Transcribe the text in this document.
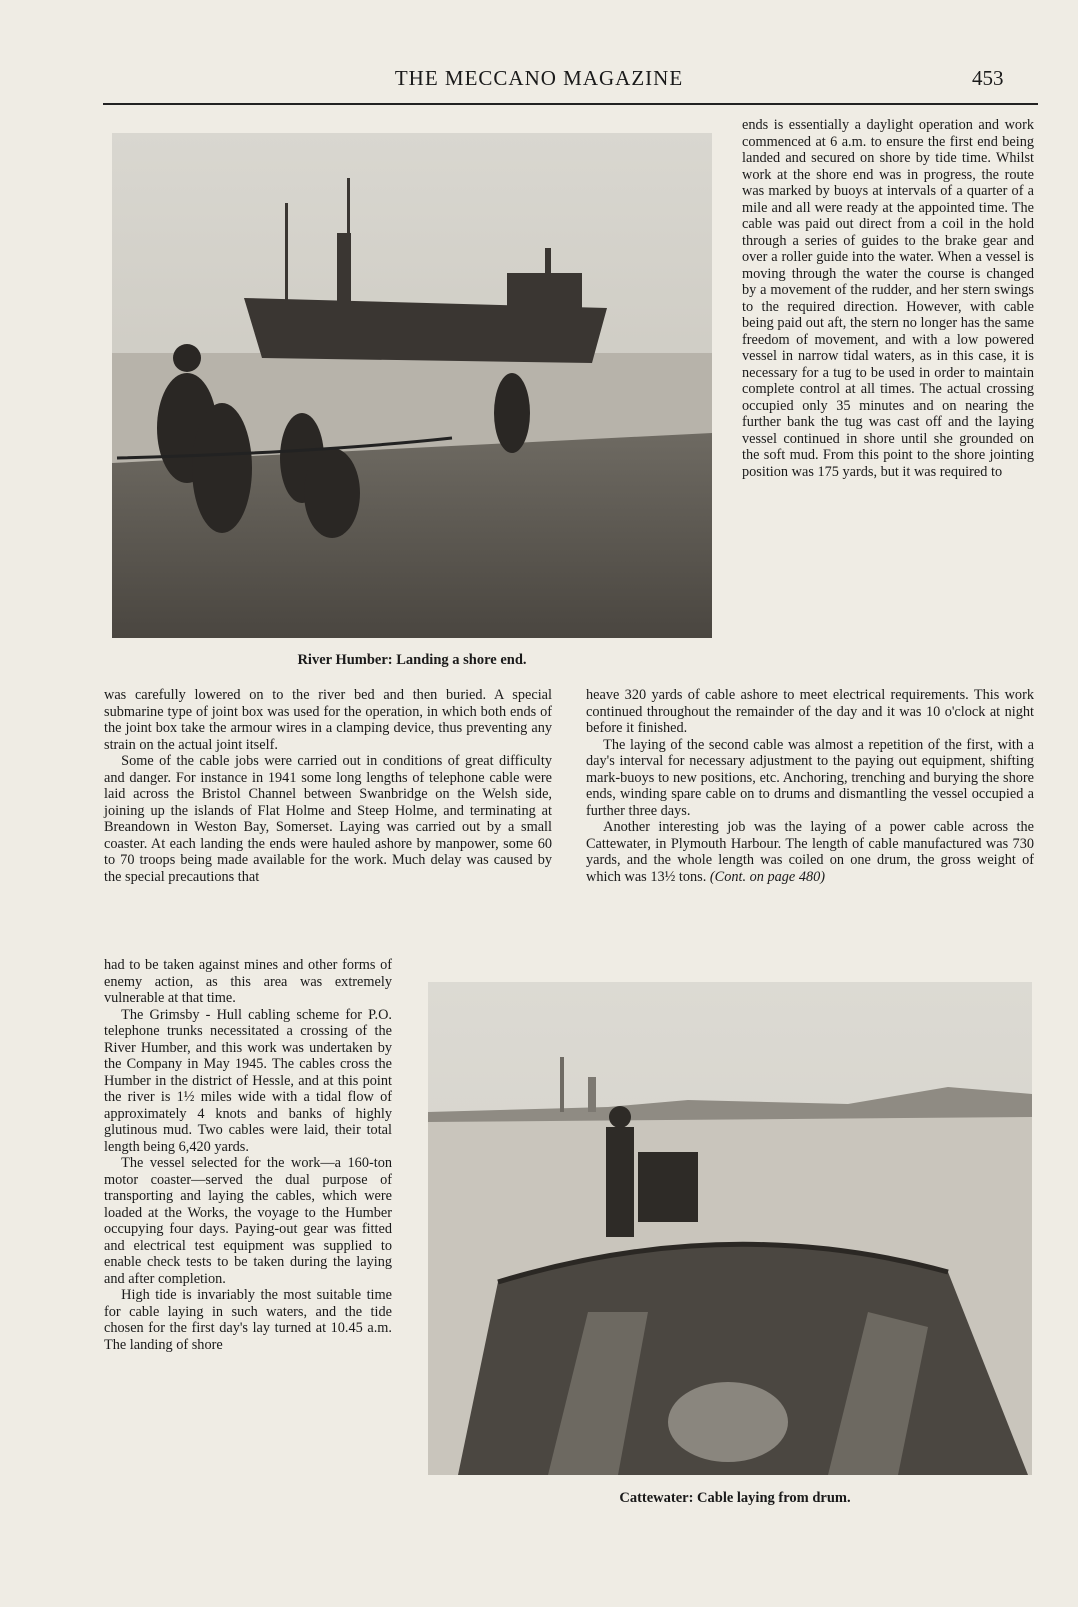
THE MECCANO MAGAZINE	453
River Humber: Landing a shore end.

ends is essentially a daylight operation and work commenced at 6 a.m. to ensure the first end being landed and secured on shore by tide time. Whilst work at the shore end was in progress, the route was marked by buoys at intervals of a quarter of a mile and all were ready at the appointed time. The cable was paid out direct from a coil in the hold through a series of guides to the brake gear and over a roller guide into the water. When a vessel is moving through the water the course is changed by a movement of the rudder, and her stern swings to the required direction. However, with cable being paid out aft, the stern no longer has the same freedom of movement, and with a low powered vessel in narrow tidal waters, as in this case, it is necessary for a tug to be used in order to maintain complete control at all times. The actual crossing occupied only 35 minutes and on nearing the further bank the tug was cast off and the laying vessel continued in shore until she grounded on the soft mud. From this point to the shore jointing position was 175 yards, but it was required to

was carefully lowered on to the river bed and then buried. A special submarine type of joint box was used for the operation, in which both ends of the joint box take the armour wires in a clamping device, thus preventing any strain on the actual joint itself.

Some of the cable jobs were carried out in conditions of great difficulty and danger. For instance in 1941 some long lengths of telephone cable were laid across the Bristol Channel between Swanbridge on the Welsh side, joining up the islands of Flat Holme and Steep Holme, and terminating at Breandown in Weston Bay, Somerset. Laying was carried out by a small coaster. At each landing the ends were hauled ashore by manpower, some 60 to 70 troops being made available for the work. Much delay was caused by the special precautions that

heave 320 yards of cable ashore to meet electrical requirements. This work continued throughout the remainder of the day and it was 10 o'clock at night before it finished.

The laying of the second cable was almost a repetition of the first, with a day's interval for necessary adjustment to the paying out equipment, shifting mark-buoys to new positions, etc. Anchoring, trenching and burying the shore ends, winding spare cable on to drums and dismantling the vessel occupied a further three days.

Another interesting job was the laying of a power cable across the Cattewater, in Plymouth Harbour. The length of cable manufactured was 730 yards, and the whole length was coiled on one drum, the gross weight of which was 13½ tons. (Cont. on page 480)

had to be taken against mines and other forms of enemy action, as this area was extremely vulnerable at that time.

The Grimsby - Hull cabling scheme for P.O. telephone trunks necessitated a crossing of the River Humber, and this work was undertaken by the Company in May 1945. The cables cross the Humber in the district of Hessle, and at this point the river is 1½ miles wide with a tidal flow of approximately 4 knots and banks of highly glutinous mud. Two cables were laid, their total length being 6,420 yards.

The vessel selected for the work—a 160-ton motor coaster—served the dual purpose of transporting and laying the cables, which were loaded at the Works, the voyage to the Humber occupying four days. Paying-out gear was fitted and electrical test equipment was supplied to enable check tests to be taken during the laying and after completion.

High tide is invariably the most suitable time for cable laying in such waters, and the tide chosen for the first day's lay turned at 10.45 a.m. The landing of shore

Cattewater: Cable laying from drum.
